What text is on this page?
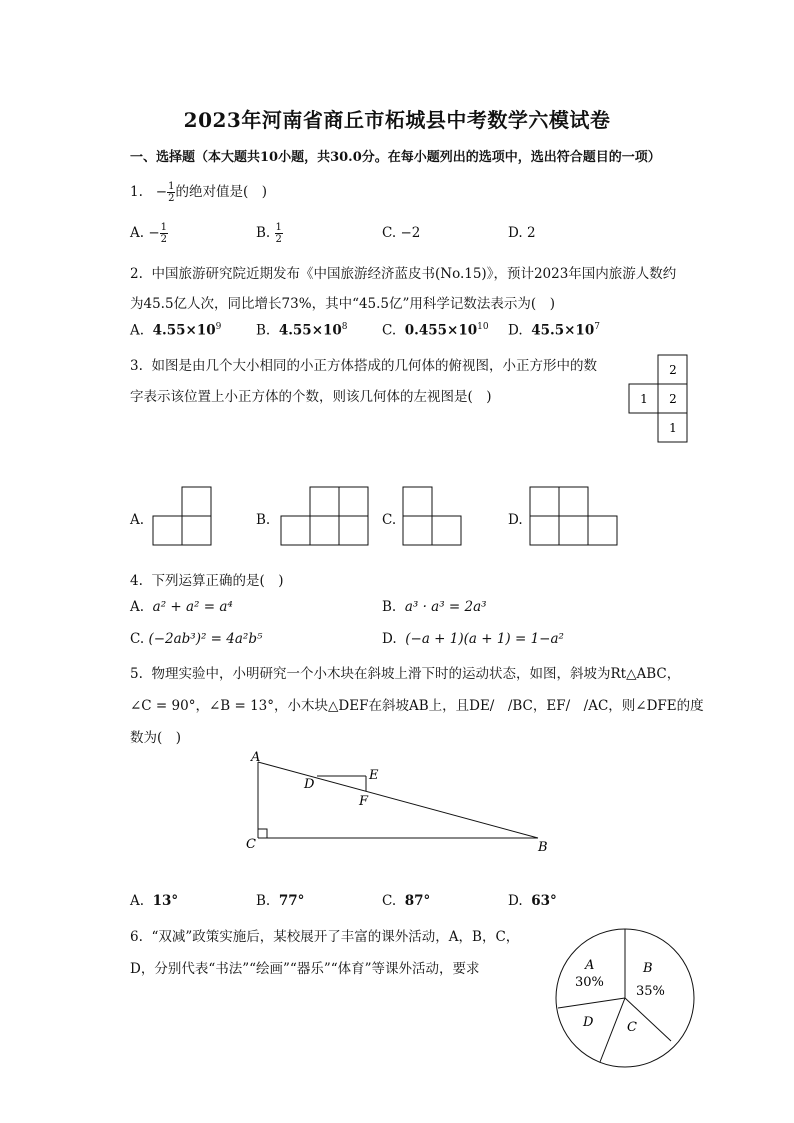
2023年河南省商丘市柘城县中考数学六模试卷
一、选择题（本大题共10小题，共30.0分。在每小题列出的选项中，选出符合题目的一项）
1. − $\frac{1}{2}$ 的绝对值是(　)
A. − $\frac{1}{2}$	B. $\frac{1}{2}$	C. −2	D. 2
2. 中国旅游研究院近期发布《中国旅游经济蓝皮书(No.15)》，预计2023年国内旅游人数约
为45.5亿人次，同比增长73%，其中“45.5亿”用科学记数法表示为(　)
A. $4.55\times 10^9$	B. $4.55\times 10^8$	C. $0.455\times 10^{10}$ D. $45.5\times 10^7$
3. 如图是由几个大小相同的小正方体搭成的几何体的俯视图，小正方形中的数
字表示该位置上小正方体的个数，则该几何体的左视图是(　)
2
1 2
1
A.	B.	C.	D.
4. 下列运算正确的是(　)
A. a² + a² = a⁴	B. a³ · a³ = 2a³
C. (−2ab³)² = 4a²b⁵	D. (−a + 1)(a + 1) = 1−a²
5. 物理实验中，小明研究一个小木块在斜坡上滑下时的运动状态，如图，斜坡为Rt△ABC，
∠C = 90°，∠B = 13°，小木块△DEF在斜坡AB上，且DE/　/BC，EF/　/AC，则∠DFE的度
数为(　)
A
C	B
D
E
F
A. 13°	B. 77°	C. 87°	D. 63°
6. “双减”政策实施后，某校展开了丰富的课外活动，A，B，C，
D，分别代表“书法”“绘画”“器乐”“体育”等课外活动，要求	A
30%
B
35%
C
D
